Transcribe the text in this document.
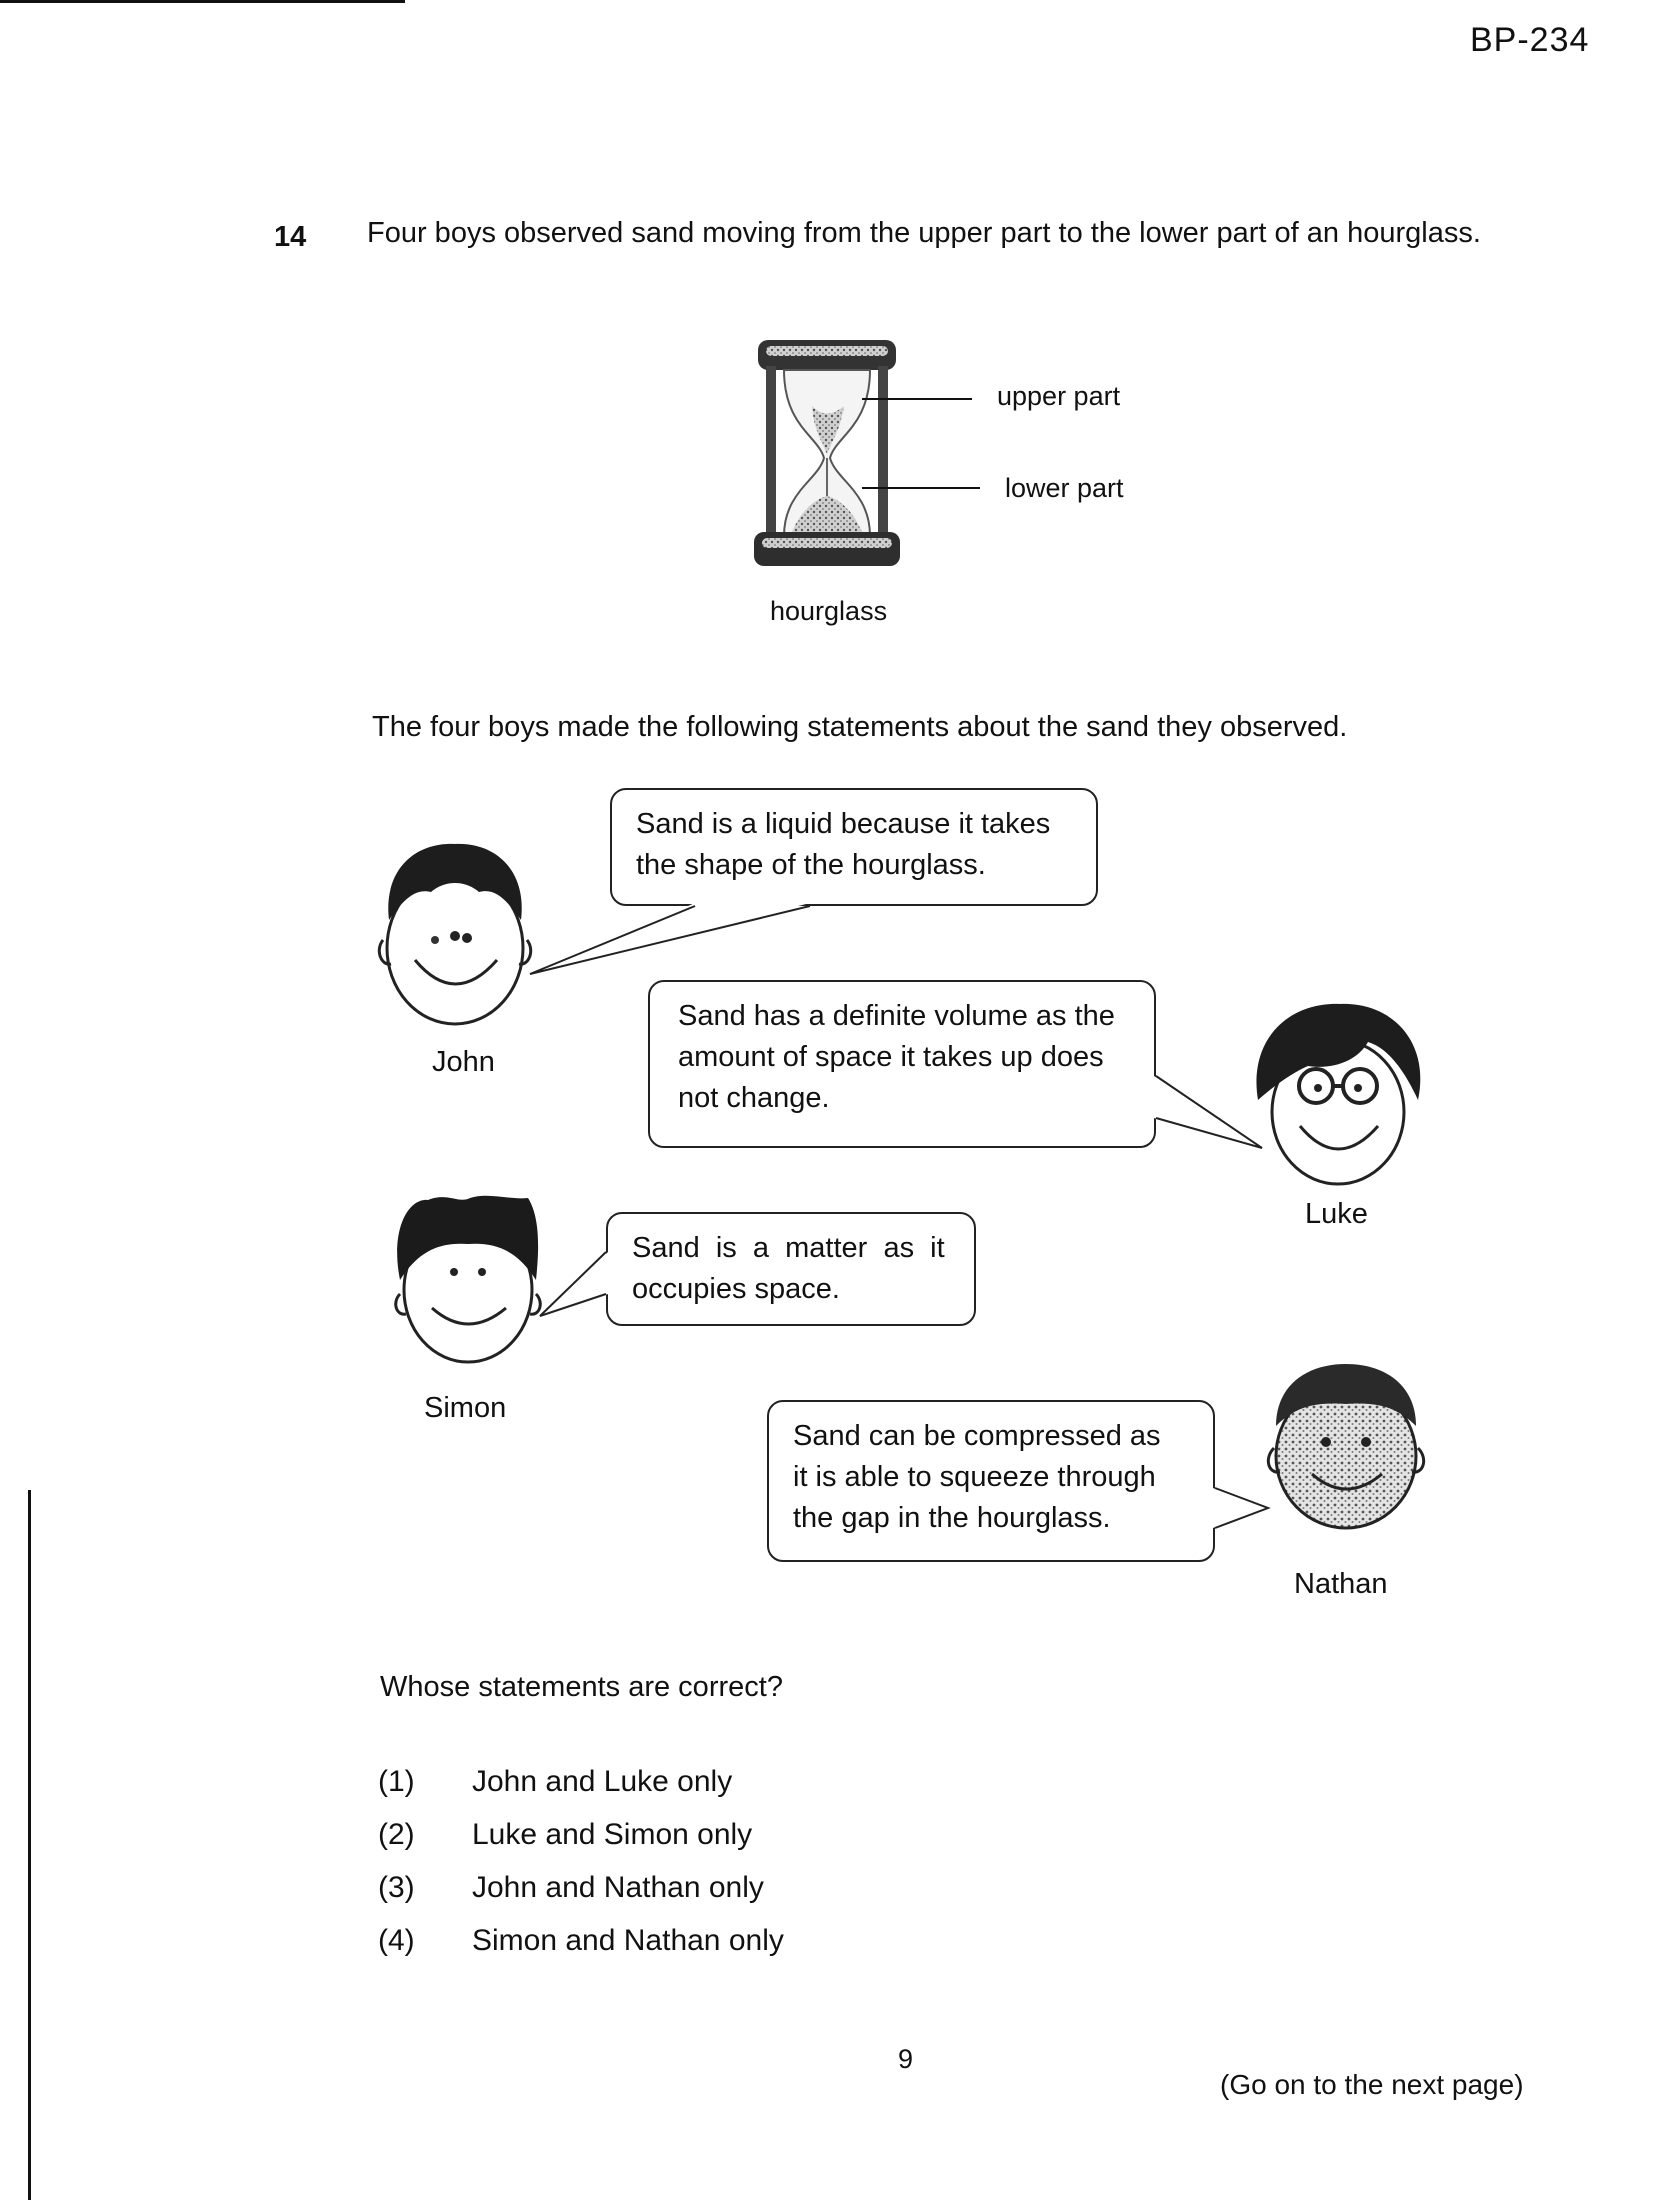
BP-234
14 Four boys observed sand moving from the upper part to the lower part of an hourglass.
upper part
lower part
hourglass
The four boys made the following statements about the sand they observed.
John
Luke
Simon
Nathan
Sand is a liquid because it takes
the shape of the hourglass.
Sand has a definite volume as the
amount of space it takes up does
not change.
Sand  is  a  matter  as  it
occupies space.
Sand can be compressed as
it is able to squeeze through
the gap in the hourglass.
Whose statements are correct?
(1) John and Luke only
(2) Luke and Simon only
(3) John and Nathan only
(4) Simon and Nathan only
9
(Go on to the next page)
